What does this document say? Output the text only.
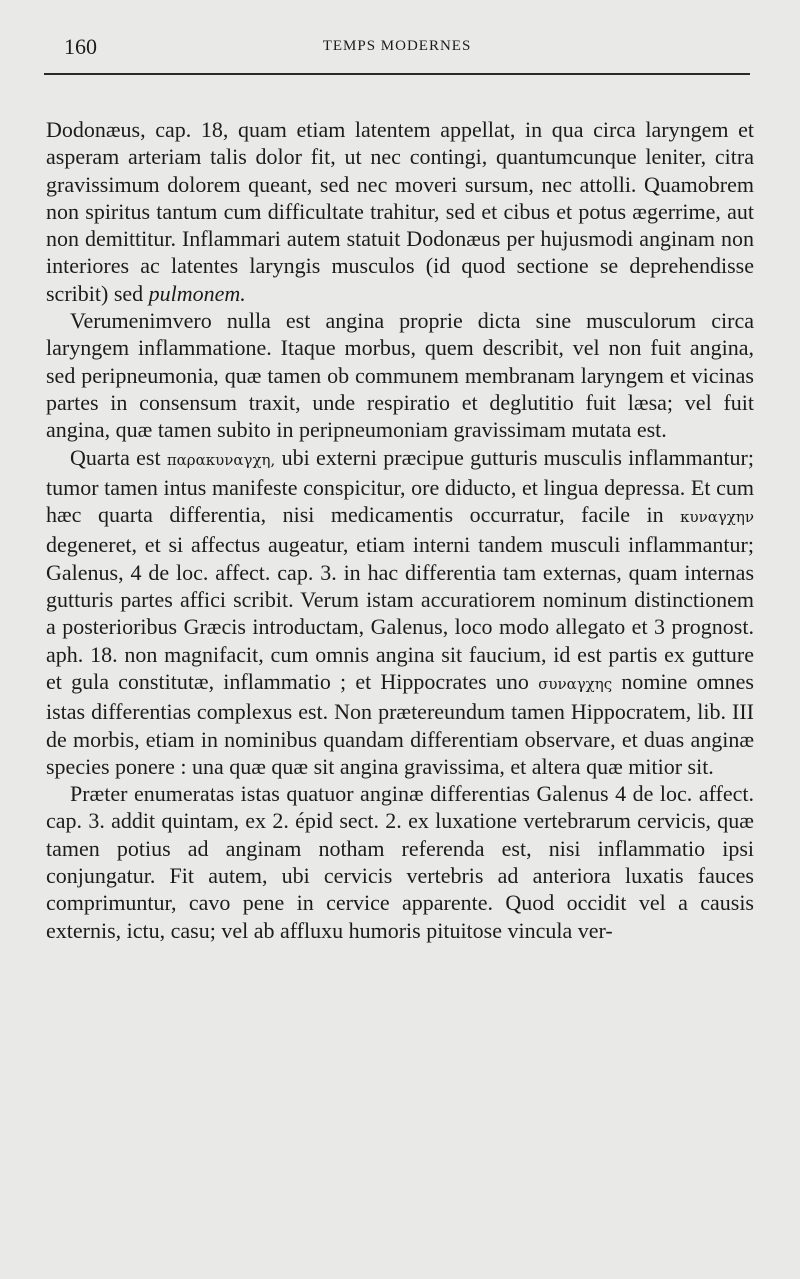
160	TEMPS MODERNES

Dodonæus, cap. 18, quam etiam latentem appellat, in qua circa laryngem et asperam arteriam talis dolor fit, ut nec contingi, quantumcunque leniter, citra gravissimum dolorem queant, sed nec moveri sursum, nec attolli. Quamobrem non spiritus tantum cum difficultate trahitur, sed et cibus et potus ægerrime, aut non demittitur. Inflammari autem statuit Dodonæus per hujusmodi anginam non interiores ac latentes laryngis musculos (id quod sectione se deprehendisse scribit) sed pulmonem.

Verumenimvero nulla est angina proprie dicta sine musculorum circa laryngem inflammatione. Itaque morbus, quem describit, vel non fuit angina, sed peripneumonia, quæ tamen ob communem membranam laryngem et vicinas partes in consensum traxit, unde respiratio et deglutitio fuit læsa; vel fuit angina, quæ tamen subito in peripneumoniam gravissimam mutata est.

Quarta est παρακυναγχη, ubi externi præcipue gutturis musculis inflammantur; tumor tamen intus manifeste conspicitur, ore diducto, et lingua depressa. Et cum hæc quarta differentia, nisi medicamentis occurratur, facile in κυναγχην degeneret, et si affectus augeatur, etiam interni tandem musculi inflammantur; Galenus, 4 de loc. affect. cap. 3. in hac differentia tam externas, quam internas gutturis partes affici scribit. Verum istam accuratiorem nominum distinctionem a posterioribus Græcis introductam, Galenus, loco modo allegato et 3 prognost. aph. 18. non magnifacit, cum omnis angina sit faucium, id est partis ex gutture et gula constitutæ, inflammatio ; et Hippocrates uno συναγχης nomine omnes istas differentias complexus est. Non prætereundum tamen Hippocratem, lib. III de morbis, etiam in nominibus quandam differentiam observare, et duas anginæ species ponere : una quæ quæ sit angina gravissima, et altera quæ mitior sit.

Præter enumeratas istas quatuor anginæ differentias Galenus 4 de loc. affect. cap. 3. addit quintam, ex 2. épid sect. 2. ex luxatione vertebrarum cervicis, quæ tamen potius ad anginam notham referenda est, nisi inflammatio ipsi conjungatur. Fit autem, ubi cervicis vertebris ad anteriora luxatis fauces comprimuntur, cavo pene in cervice apparente. Quod occidit vel a causis externis, ictu, casu; vel ab affluxu humoris pituitose vincula ver-
